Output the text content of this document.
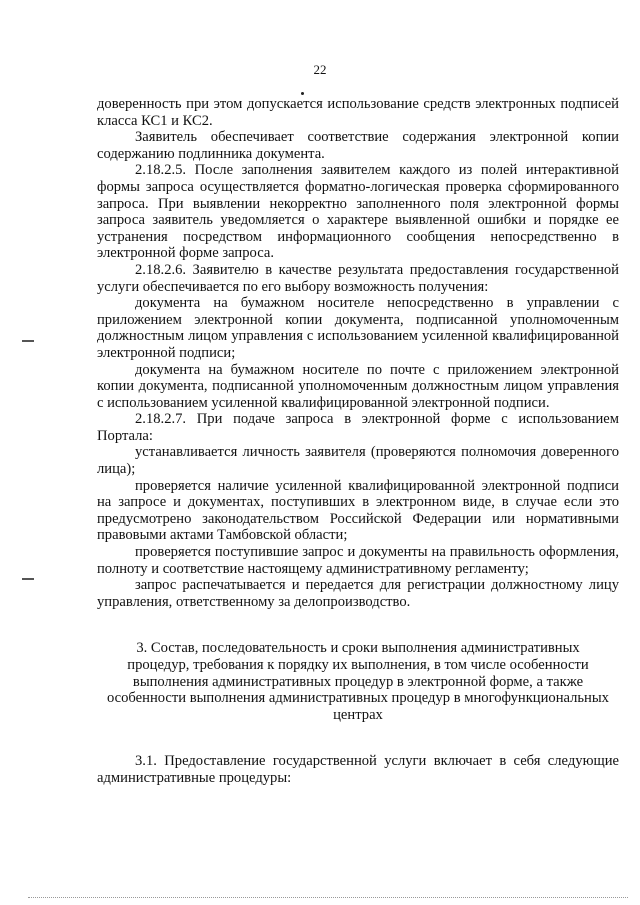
22

доверенность при этом допускается использование средств электронных подписей класса КС1 и КС2.

Заявитель обеспечивает соответствие содержания электронной копии содержанию подлинника документа.

2.18.2.5. После заполнения заявителем каждого из полей интерактивной формы запроса осуществляется форматно-логическая проверка сформированного запроса. При выявлении некорректно заполненного поля электронной формы запроса заявитель уведомляется о характере выявленной ошибки и порядке ее устранения посредством информационного сообщения непосредственно в электронной форме запроса.

2.18.2.6. Заявителю в качестве результата предоставления государственной услуги обеспечивается по его выбору возможность получения:

документа на бумажном носителе непосредственно в управлении с приложением электронной копии документа, подписанной уполномоченным должностным лицом управления с использованием усиленной квалифицированной электронной подписи;

документа на бумажном носителе по почте с приложением электронной копии документа, подписанной уполномоченным должностным лицом управления с использованием усиленной квалифицированной электронной подписи.

2.18.2.7. При подаче запроса в электронной форме с использованием Портала:

устанавливается личность заявителя (проверяются полномочия доверенного лица);

проверяется наличие усиленной квалифицированной электронной подписи на запросе и документах, поступивших в электронном виде, в случае если это предусмотрено законодательством Российской Федерации или нормативными правовыми актами Тамбовской области;

проверяется поступившие запрос и документы на правильность оформления, полноту и соответствие настоящему административному регламенту;

запрос распечатывается и передается для регистрации должностному лицу управления, ответственному за делопроизводство.

3. Состав, последовательность и сроки выполнения административных процедур, требования к порядку их выполнения, в том числе особенности выполнения административных процедур в электронной форме, а также особенности выполнения административных процедур в многофункциональных центрах

3.1. Предоставление государственной услуги включает в себя следующие административные процедуры:
